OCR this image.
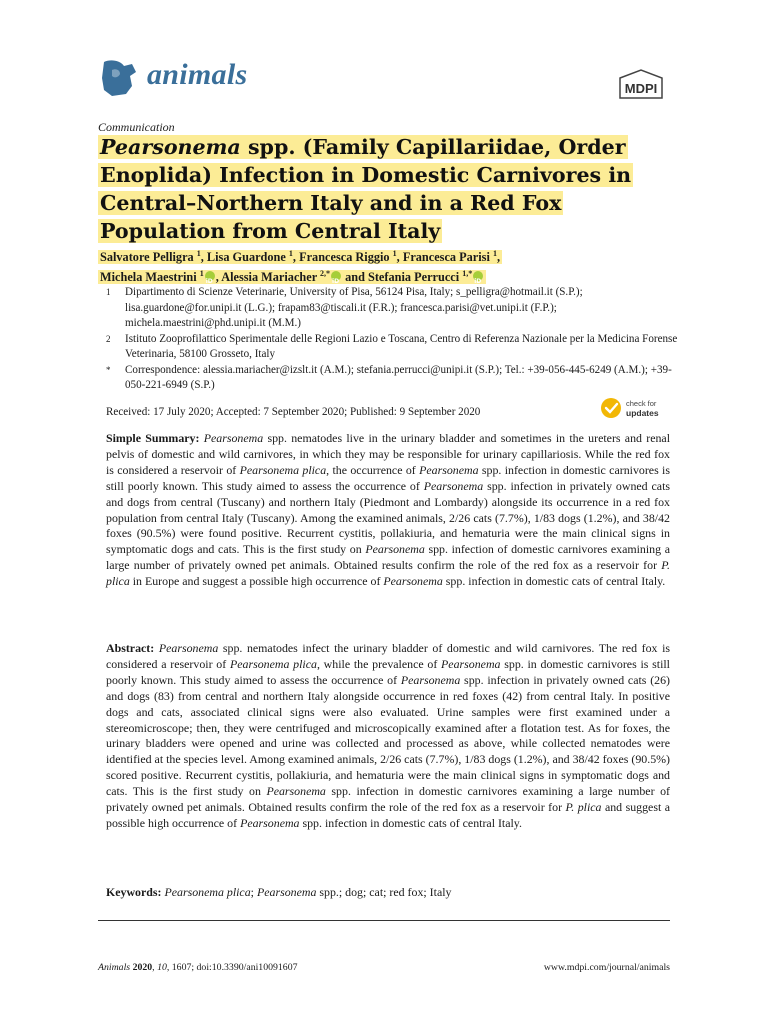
animals	MDPI
Communication
Pearsonema spp. (Family Capillariidae, Order Enoplida) Infection in Domestic Carnivores in Central–Northern Italy and in a Red Fox Population from Central Italy
Salvatore Pelligra $^1$, Lisa Guardone $^1$, Francesca Riggio $^1$, Francesca Parisi $^1$,
Michela Maestrini $^1$ iD , Alessia Mariacher $^{2,*}$ iD and Stefania Perrucci $^{1,*}$iD
1	Dipartimento di Scienze Veterinarie, University of Pisa, 56124 Pisa, Italy; s_pelligra@hotmail.it (S.P.); lisa.guardone@for.unipi.it (L.G.); frapam83@tiscali.it (F.R.); francesca.parisi@vet.unipi.it (F.P.); michela.maestrini@phd.unipi.it (M.M.)
2	Istituto Zooprofilattico Sperimentale delle Regioni Lazio e Toscana, Centro di Referenza Nazionale per la Medicina Forense Veterinaria, 58100 Grosseto, Italy
*	Correspondence: alessia.mariacher@izslt.it (A.M.); stefania.perrucci@unipi.it (S.P.); Tel.: +39-056-445-6249 (A.M.); +39-050-221-6949 (S.P.)
Received: 17 July 2020; Accepted: 7 September 2020; Published: 9 September 2020
check for
updates
Simple Summary: Pearsonema spp. nematodes live in the urinary bladder and sometimes in the ureters and renal pelvis of domestic and wild carnivores, in which they may be responsible for urinary capillariosis. While the red fox is considered a reservoir of Pearsonema plica, the occurrence of Pearsonema spp. infection in domestic carnivores is still poorly known. This study aimed to assess the occurrence of Pearsonema spp. infection in privately owned cats and dogs from central (Tuscany) and northern Italy (Piedmont and Lombardy) alongside its occurrence in a red fox population from central Italy (Tuscany). Among the examined animals, 2/26 cats (7.7%), 1/83 dogs (1.2%), and 38/42 foxes (90.5%) were found positive. Recurrent cystitis, pollakiuria, and hematuria were the main clinical signs in symptomatic dogs and cats. This is the first study on Pearsonema spp. infection of domestic carnivores examining a large number of privately owned pet animals. Obtained results confirm the role of the red fox as a reservoir for P. plica in Europe and suggest a possible high occurrence of Pearsonema spp. infection in domestic cats of central Italy.
Abstract: Pearsonema spp. nematodes infect the urinary bladder of domestic and wild carnivores. The red fox is considered a reservoir of Pearsonema plica, while the prevalence of Pearsonema spp. in domestic carnivores is still poorly known. This study aimed to assess the occurrence of Pearsonema spp. infection in privately owned cats (26) and dogs (83) from central and northern Italy alongside occurrence in red foxes (42) from central Italy. In positive dogs and cats, associated clinical signs were also evaluated. Urine samples were first examined under a stereomicroscope; then, they were centrifuged and microscopically examined after a flotation test. As for foxes, the urinary bladders were opened and urine was collected and processed as above, while collected nematodes were identified at the species level. Among examined animals, 2/26 cats (7.7%), 1/83 dogs (1.2%), and 38/42 foxes (90.5%) scored positive. Recurrent cystitis, pollakiuria, and hematuria were the main clinical signs in symptomatic dogs and cats. This is the first study on Pearsonema spp. infection in domestic carnivores examining a large number of privately owned pet animals. Obtained results confirm the role of the red fox as a reservoir for P. plica and suggest a possible high occurrence of Pearsonema spp. infection in domestic cats of central Italy.
Keywords: Pearsonema plica; Pearsonema spp.; dog; cat; red fox; Italy
Animals 2020, 10, 1607; doi:10.3390/ani10091607	www.mdpi.com/journal/animals
